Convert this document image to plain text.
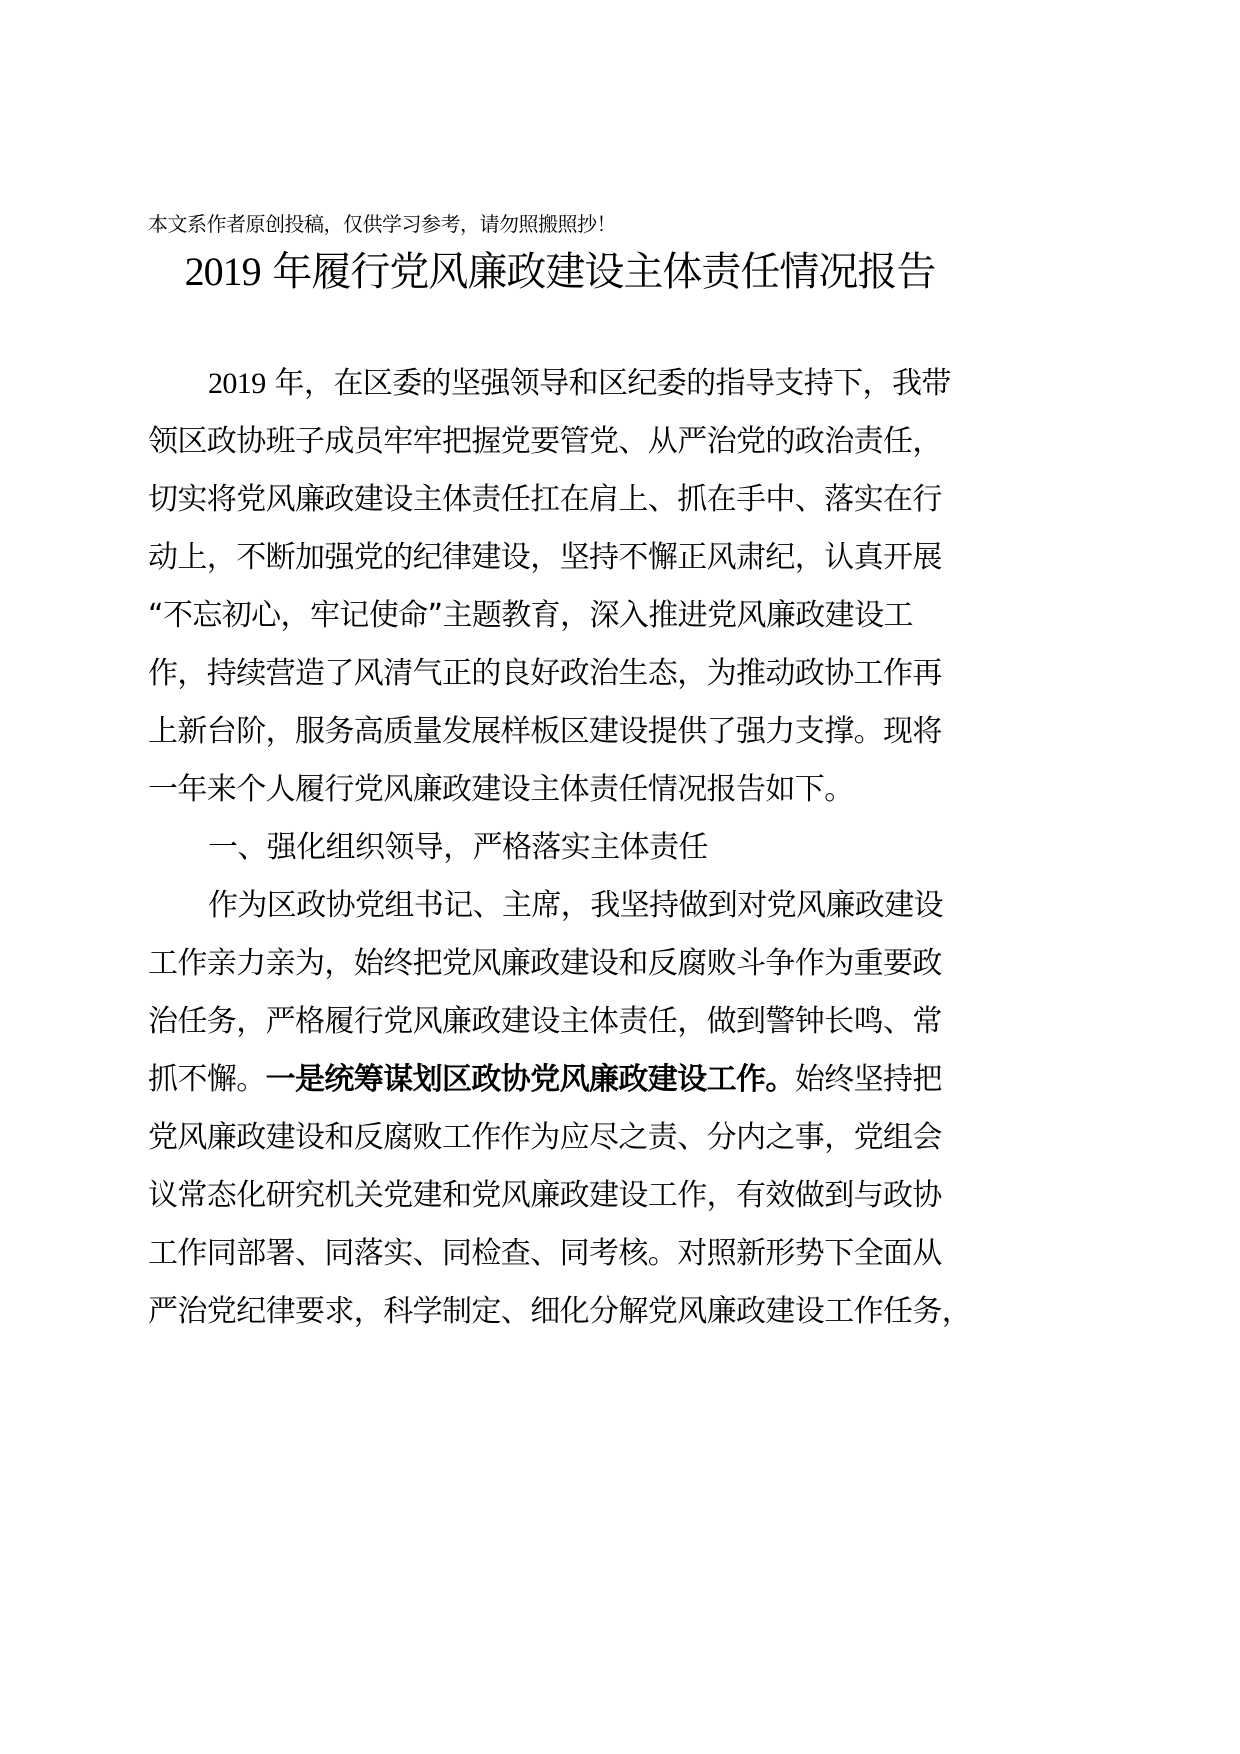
本文系作者原创投稿，仅供学习参考，请勿照搬照抄！
2019 年履行党风廉政建设主体责任情况报告
2019 年，在区委的坚强领导和区纪委的指导支持下，我带
领区政协班子成员牢牢把握党要管党、从严治党的政治责任，
切实将党风廉政建设主体责任扛在肩上、抓在手中、落实在行
动上，不断加强党的纪律建设，坚持不懈正风肃纪，认真开展
“不忘初心，牢记使命”主题教育，深入推进党风廉政建设工
作，持续营造了风清气正的良好政治生态，为推动政协工作再
上新台阶，服务高质量发展样板区建设提供了强力支撑。现将
一年来个人履行党风廉政建设主体责任情况报告如下。
一、强化组织领导，严格落实主体责任
作为区政协党组书记、主席，我坚持做到对党风廉政建设
工作亲力亲为，始终把党风廉政建设和反腐败斗争作为重要政
治任务，严格履行党风廉政建设主体责任，做到警钟长鸣、常
抓不懈。一是统筹谋划区政协党风廉政建设工作。始终坚持把
党风廉政建设和反腐败工作作为应尽之责、分内之事，党组会
议常态化研究机关党建和党风廉政建设工作，有效做到与政协
工作同部署、同落实、同检查、同考核。对照新形势下全面从
严治党纪律要求，科学制定、细化分解党风廉政建设工作任务，
